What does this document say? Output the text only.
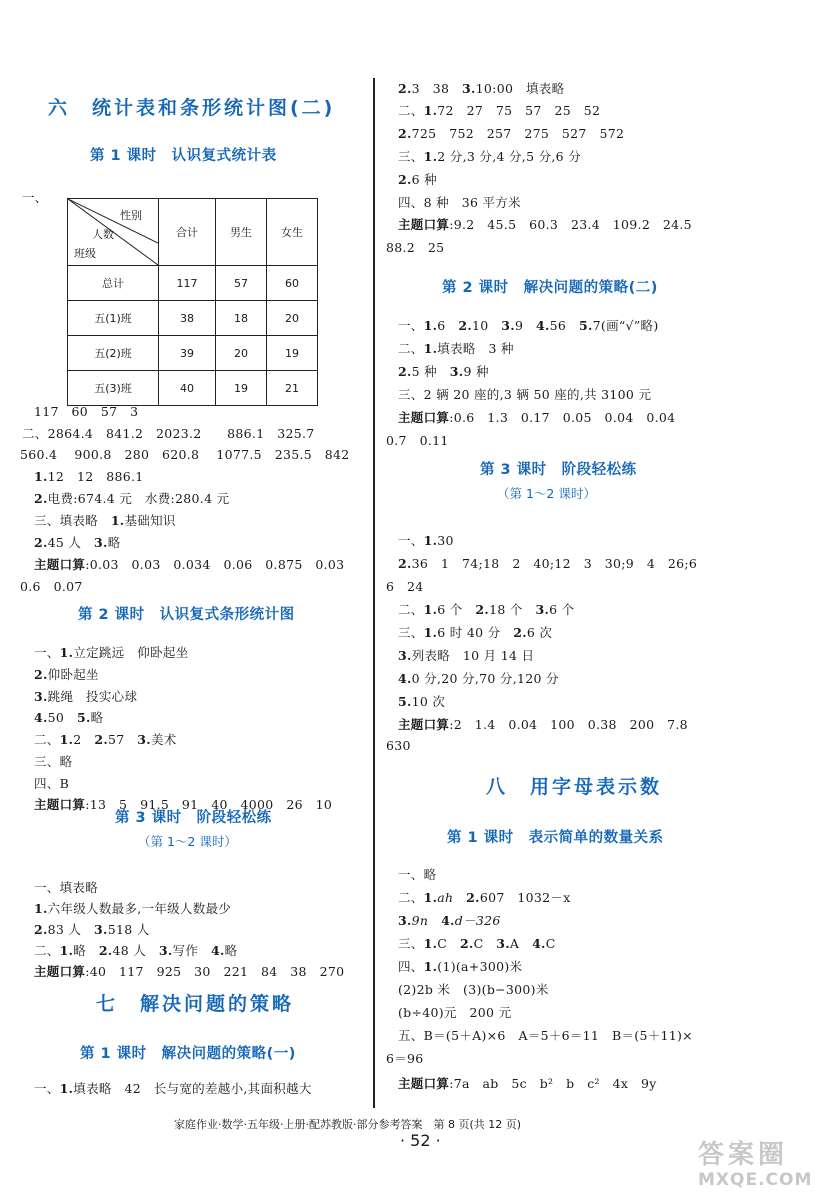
六　统计表和条形统计图(二)
第 1 课时　认识复式统计表
一、
性别
人数
班级	合计	男生	女生
总计	117	57	60
五(1)班	38	18	20
五(2)班	39	20	19
五(3)班	40	19	21
117　60　57　3
二、2864.4　841.2　2023.2　　886.1　325.7
560.4　 900.8　280　620.8　 1077.5　235.5　842
1.12　12　886.1
2.电费:674.4 元　水费:280.4 元
三、填表略　1.基础知识
2.45 人　3.略
主题口算:0.03　0.03　0.034　0.06　0.875　0.03
0.6　0.07
第 2 课时　认识复式条形统计图
一、1.立定跳远　仰卧起坐
2.仰卧起坐
3.跳绳　投实心球
4.50　5.略
二、1.2　2.57　3.美术
三、略
四、B
主题口算:13　5　91.5　91　40　4000　26　10
第 3 课时　阶段轻松练
（第 1～2 课时）
一、填表略
1.六年级人数最多,一年级人数最少
2.83 人　3.518 人
二、1.略　2.48 人　3.写作　4.略
主题口算:40　117　925　30　221　84　38　270
七　解决问题的策略
第 1 课时　解决问题的策略(一)
一、1.填表略　42　长与宽的差越小,其面积越大
2.3　38　3.10:00　填表略
二、1.72　27　75　57　25　52
2.725　752　257　275　527　572
三、1.2 分,3 分,4 分,5 分,6 分
2.6 种
四、8 种　36 平方米
主题口算:9.2　45.5　60.3　23.4　109.2　24.5
88.2　25
第 2 课时　解决问题的策略(二)
一、1.6　2.10　3.9　4.56　5.7(画“√”略)
二、1.填表略　3 种
2.5 种　3.9 种
三、2 辆 20 座的,3 辆 50 座的,共 3100 元
主题口算:0.6　1.3　0.17　0.05　0.04　0.04
0.7　0.11
第 3 课时　阶段轻松练
（第 1～2 课时）
一、1.30
2.36　1　74;18　2　40;12　3　30;9　4　26;6
6　24
二、1.6 个　2.18 个　3.6 个
三、1.6 时 40 分　2.6 次
3.列表略　10 月 14 日
4.0 分,20 分,70 分,120 分
5.10 次
主题口算:2　1.4　0.04　100　0.38　200　7.8
630
八　用字母表示数
第 1 课时　表示简单的数量关系
一、略
二、1.ah　2.607　1032－x
3.9n　4.d－326
三、1.C　2.C　3.A　4.C
四、1.(1)(a+300)米
(2)2b 米　(3)(b−300)米
(b÷40)元　200 元
五、B＝(5＋A)×6　A＝5＋6＝11　B＝(5＋11)×
6＝96
主题口算:7a　ab　5c　b²　b　c²　4x　9y
家庭作业·数学·五年级·上册·配苏教版·部分参考答案　第 8 页(共 12 页)
· 52 ·	答案圈
MXQE.COM
